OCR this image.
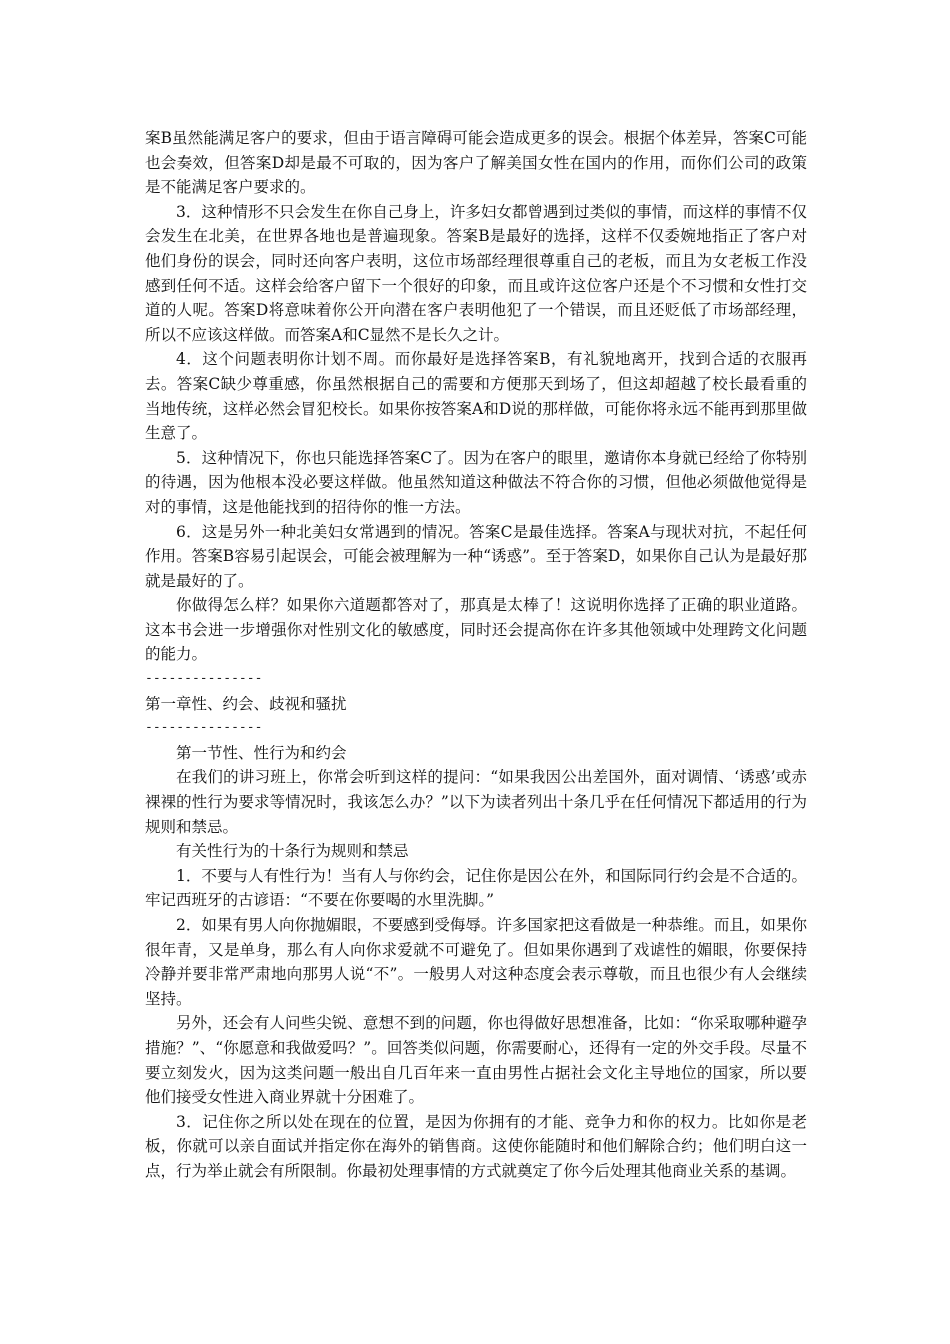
案B虽然能满足客户的要求，但由于语言障碍可能会造成更多的误会。根据个体差异，答案C可能也会奏效，但答案D却是最不可取的，因为客户了解美国女性在国内的作用，而你们公司的政策是不能满足客户要求的。

3．这种情形不只会发生在你自己身上，许多妇女都曾遇到过类似的事情，而这样的事情不仅会发生在北美，在世界各地也是普遍现象。答案B是最好的选择，这样不仅委婉地指正了客户对他们身份的误会，同时还向客户表明，这位市场部经理很尊重自己的老板，而且为女老板工作没感到任何不适。这样会给客户留下一个很好的印象，而且或许这位客户还是个不习惯和女性打交道的人呢。答案D将意味着你公开向潜在客户表明他犯了一个错误，而且还贬低了市场部经理，所以不应该这样做。而答案A和C显然不是长久之计。

4．这个问题表明你计划不周。而你最好是选择答案B，有礼貌地离开，找到合适的衣服再去。答案C缺少尊重感，你虽然根据自己的需要和方便那天到场了，但这却超越了校长最看重的当地传统，这样必然会冒犯校长。如果你按答案A和D说的那样做，可能你将永远不能再到那里做生意了。

5．这种情况下，你也只能选择答案C了。因为在客户的眼里，邀请你本身就已经给了你特别的待遇，因为他根本没必要这样做。他虽然知道这种做法不符合你的习惯，但他必须做他觉得是对的事情，这是他能找到的招待你的惟一方法。

6．这是另外一种北美妇女常遇到的情况。答案C是最佳选择。答案A与现状对抗，不起任何作用。答案B容易引起误会，可能会被理解为一种“诱惑”。至于答案D，如果你自己认为是最好那就是最好的了。

你做得怎么样？如果你六道题都答对了，那真是太棒了！这说明你选择了正确的职业道路。这本书会进一步增强你对性别文化的敏感度，同时还会提高你在许多其他领域中处理跨文化问题的能力。

---------------

第一章性、约会、歧视和骚扰

---------------

第一节性、性行为和约会

在我们的讲习班上，你常会听到这样的提问：“如果我因公出差国外，面对调情、‘诱惑’或赤裸裸的性行为要求等情况时，我该怎么办？”以下为读者列出十条几乎在任何情况下都适用的行为规则和禁忌。

有关性行为的十条行为规则和禁忌

1．不要与人有性行为！当有人与你约会，记住你是因公在外，和国际同行约会是不合适的。牢记西班牙的古谚语：“不要在你要喝的水里洗脚。”

2．如果有男人向你抛媚眼，不要感到受侮辱。许多国家把这看做是一种恭维。而且，如果你很年青，又是单身，那么有人向你求爱就不可避免了。但如果你遇到了戏谑性的媚眼，你要保持冷静并要非常严肃地向那男人说“不”。一般男人对这种态度会表示尊敬，而且也很少有人会继续坚持。

另外，还会有人问些尖锐、意想不到的问题，你也得做好思想准备，比如：“你采取哪种避孕措施？”、“你愿意和我做爱吗？”。回答类似问题，你需要耐心，还得有一定的外交手段。尽量不要立刻发火，因为这类问题一般出自几百年来一直由男性占据社会文化主导地位的国家，所以要他们接受女性进入商业界就十分困难了。

3．记住你之所以处在现在的位置，是因为你拥有的才能、竞争力和你的权力。比如你是老板，你就可以亲自面试并指定你在海外的销售商。这使你能随时和他们解除合约；他们明白这一点，行为举止就会有所限制。你最初处理事情的方式就奠定了你今后处理其他商业关系的基调。
